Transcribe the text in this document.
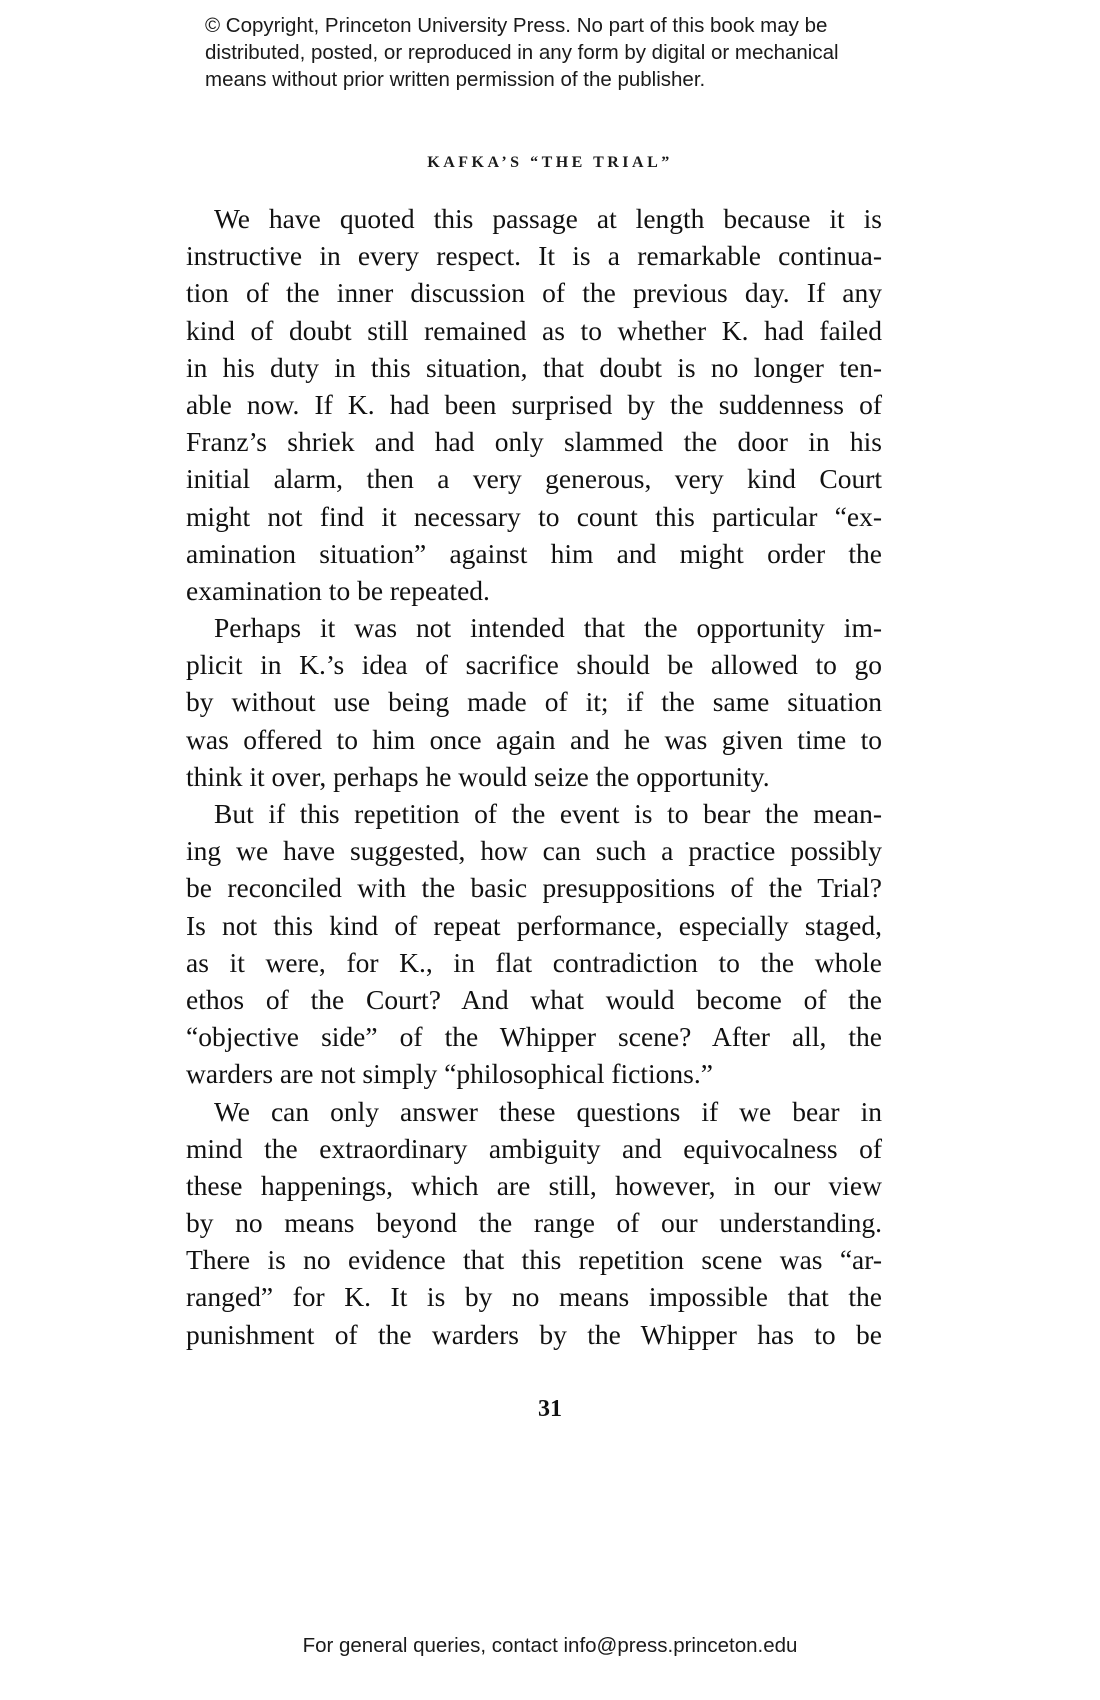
© Copyright, Princeton University Press. No part of this book may be
distributed, posted, or reproduced in any form by digital or mechanical
means without prior written permission of the publisher.
KAFKA’S “THE TRIAL”
We have quoted this passage at length because it is
instructive in every respect. It is a remarkable continua-
tion of the inner discussion of the previous day. If any
kind of doubt still remained as to whether K. had failed
in his duty in this situation, that doubt is no longer ten-
able now. If K. had been surprised by the suddenness of
Franz’s shriek and had only slammed the door in his
initial alarm, then a very generous, very kind Court
might not find it necessary to count this particular “ex-
amination situation” against him and might order the
examination to be repeated.
Perhaps it was not intended that the opportunity im-
plicit in K.’s idea of sacrifice should be allowed to go
by without use being made of it; if the same situation
was offered to him once again and he was given time to
think it over, perhaps he would seize the opportunity.
But if this repetition of the event is to bear the mean-
ing we have suggested, how can such a practice possibly
be reconciled with the basic presuppositions of the Trial?
Is not this kind of repeat performance, especially staged,
as it were, for K., in flat contradiction to the whole
ethos of the Court? And what would become of the
“objective side” of the Whipper scene? After all, the
warders are not simply “philosophical fictions.”
We can only answer these questions if we bear in
mind the extraordinary ambiguity and equivocalness of
these happenings, which are still, however, in our view
by no means beyond the range of our understanding.
There is no evidence that this repetition scene was “ar-
ranged” for K. It is by no means impossible that the
punishment of the warders by the Whipper has to be
31
For general queries, contact info@press.princeton.edu
